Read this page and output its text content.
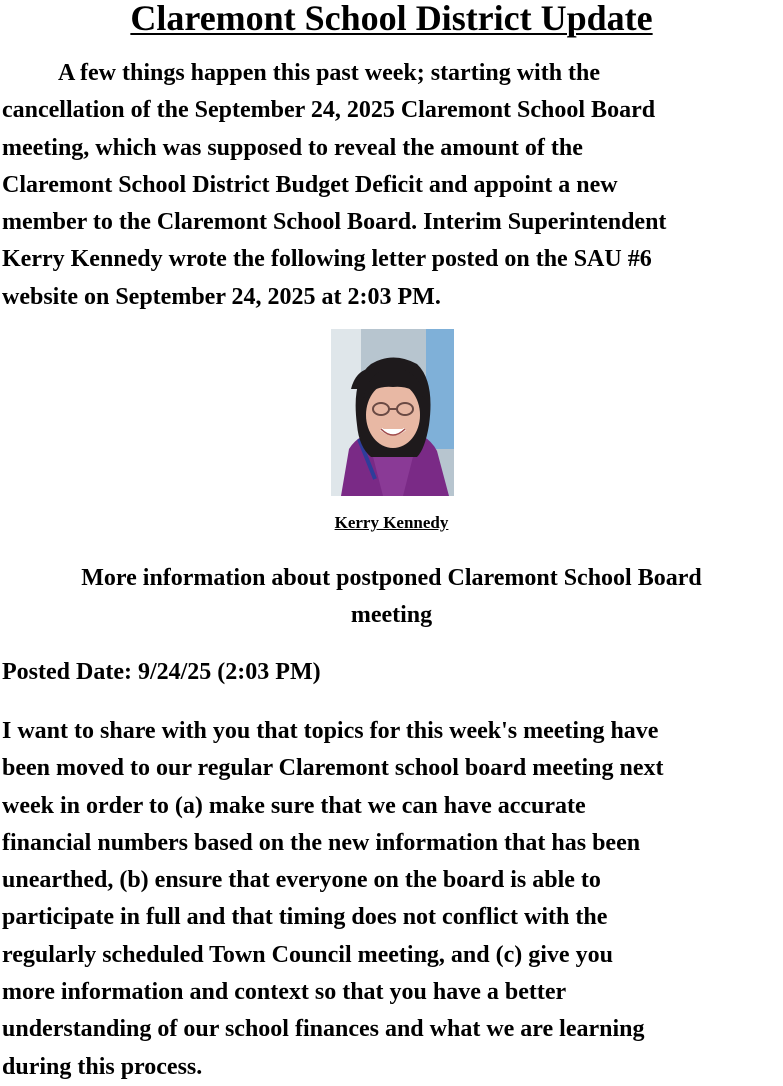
Claremont School District Update

A few things happen this past week; starting with the
cancellation of the September 24, 2025 Claremont School Board
meeting, which was supposed to reveal the amount of the
Claremont School District Budget Deficit and appoint a new
member to the Claremont School Board. Interim Superintendent
Kerry Kennedy wrote the following letter posted on the SAU #6
website on September 24, 2025 at 2:03 PM.

Kerry Kennedy

More information about postponed Claremont School Board
meeting

Posted Date: 9/24/25 (2:03 PM)

I want to share with you that topics for this week's meeting have
been moved to our regular Claremont school board meeting next
week in order to (a) make sure that we can have accurate
financial numbers based on the new information that has been
unearthed, (b) ensure that everyone on the board is able to
participate in full and that timing does not conflict with the
regularly scheduled Town Council meeting, and (c) give you
more information and context so that you have a better
understanding of our school finances and what we are learning
during this process.
